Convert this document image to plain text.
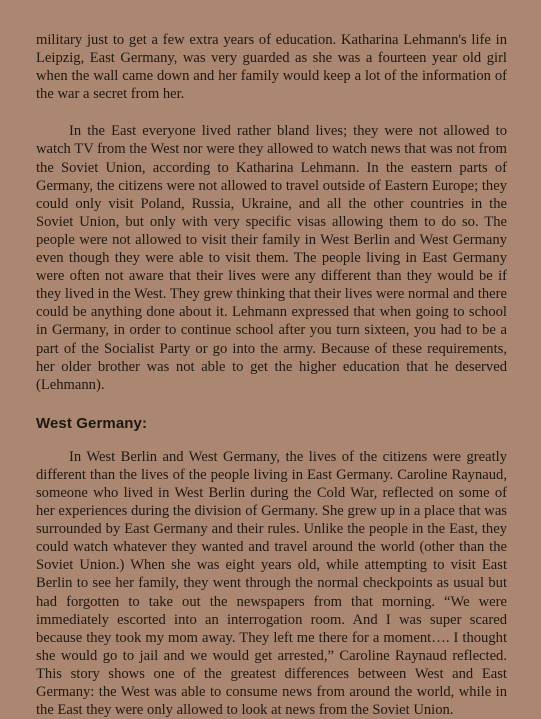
military just to get a few extra years of education. Katharina Lehmann's life in Leipzig, East Germany, was very guarded as she was a fourteen year old girl when the wall came down and her family would keep a lot of the information of the war a secret from her.

In the East everyone lived rather bland lives; they were not allowed to watch TV from the West nor were they allowed to watch news that was not from the Soviet Union, according to Katharina Lehmann. In the eastern parts of Germany, the citizens were not allowed to travel outside of Eastern Europe; they could only visit Poland, Russia, Ukraine, and all the other countries in the Soviet Union, but only with very specific visas allowing them to do so. The people were not allowed to visit their family in West Berlin and West Germany even though they were able to visit them. The people living in East Germany were often not aware that their lives were any different than they would be if they lived in the West. They grew thinking that their lives were normal and there could be anything done about it. Lehmann expressed that when going to school in Germany, in order to continue school after you turn sixteen, you had to be a part of the Socialist Party or go into the army. Because of these requirements, her older brother was not able to get the higher education that he deserved (Lehmann).

West Germany:

In West Berlin and West Germany, the lives of the citizens were greatly different than the lives of the people living in East Germany. Caroline Raynaud, someone who lived in West Berlin during the Cold War, reflected on some of her experiences during the division of Germany. She grew up in a place that was surrounded by East Germany and their rules. Unlike the people in the East, they could watch whatever they wanted and travel around the world (other than the Soviet Union.) When she was eight years old, while attempting to visit East Berlin to see her family, they went through the normal checkpoints as usual but had forgotten to take out the newspapers from that morning. “We were immediately escorted into an interrogation room. And I was super scared because they took my mom away. They left me there for a moment…. I thought she would go to jail and we would get arrested,” Caroline Raynaud reflected. This story shows one of the greatest differences between West and East Germany: the West was able to consume news from around the world, while in the East they were only allowed to look at news from the Soviet Union.
